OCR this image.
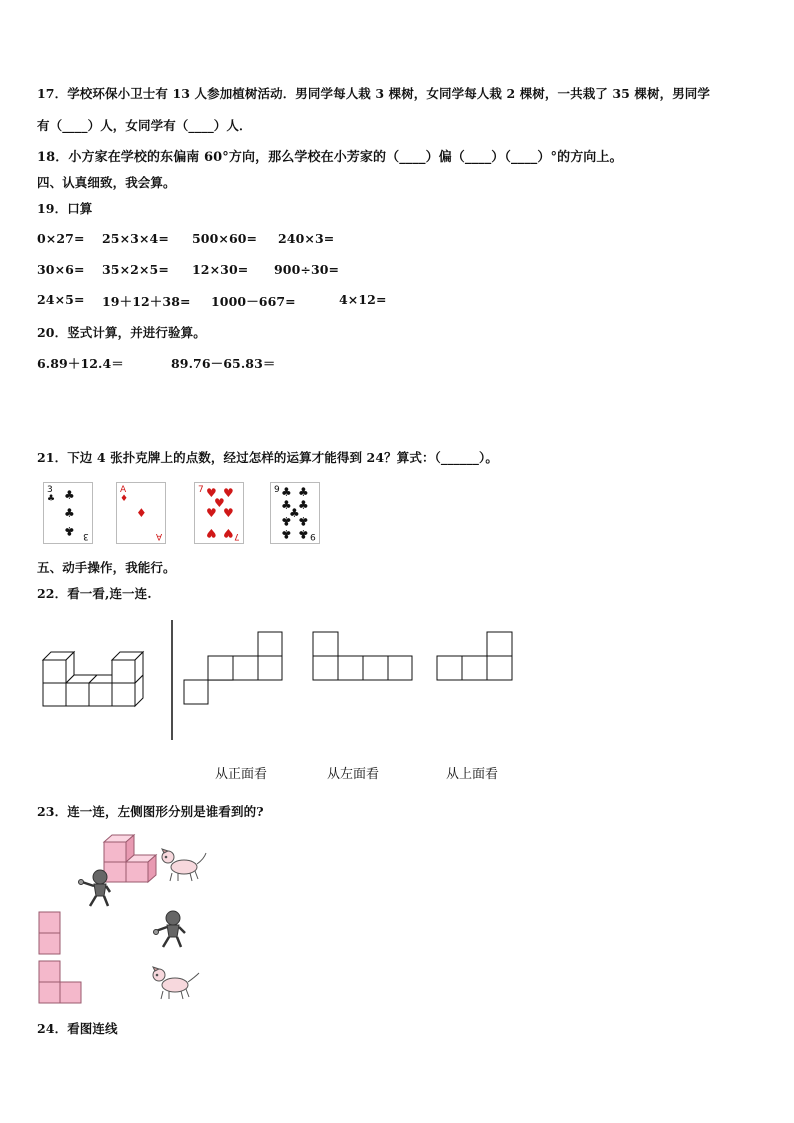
17．学校环保小卫士有 13 人参加植树活动．男同学每人栽 3 棵树，女同学每人栽 2 棵树，一共栽了 35 棵树，男同学
有（____）人，女同学有（____）人．
18．小方家在学校的东偏南 60°方向，那么学校在小芳家的（____）偏（____）（____）°的方向上。
四、认真细致，我会算。
19．口算
0×27= 25×3×4= 500×60= 240×3=
30×6= 35×2×5= 12×30= 900÷30=
24×5= 19＋12＋38= 1000－667=	4×12=
20．竖式计算，并进行验算。
6.89＋12.4＝	89.76－65.83＝
21．下边 4 张扑克牌上的点数，经过怎样的运算才能得到 24？算式：（______）。
3
♣ ♣
♣
♣ 3
A
♦
♦
A
7 ♥ ♥
♥
♥ ♥
♥ ♥ 7
9 ♣ ♣
♣ ♣
♣
♣ ♣
♣ ♣ 9
五、动手操作，我能行。
22．看一看,连一连.
从正面看	从左面看	从上面看
23．连一连，左侧图形分别是谁看到的?
24．看图连线
